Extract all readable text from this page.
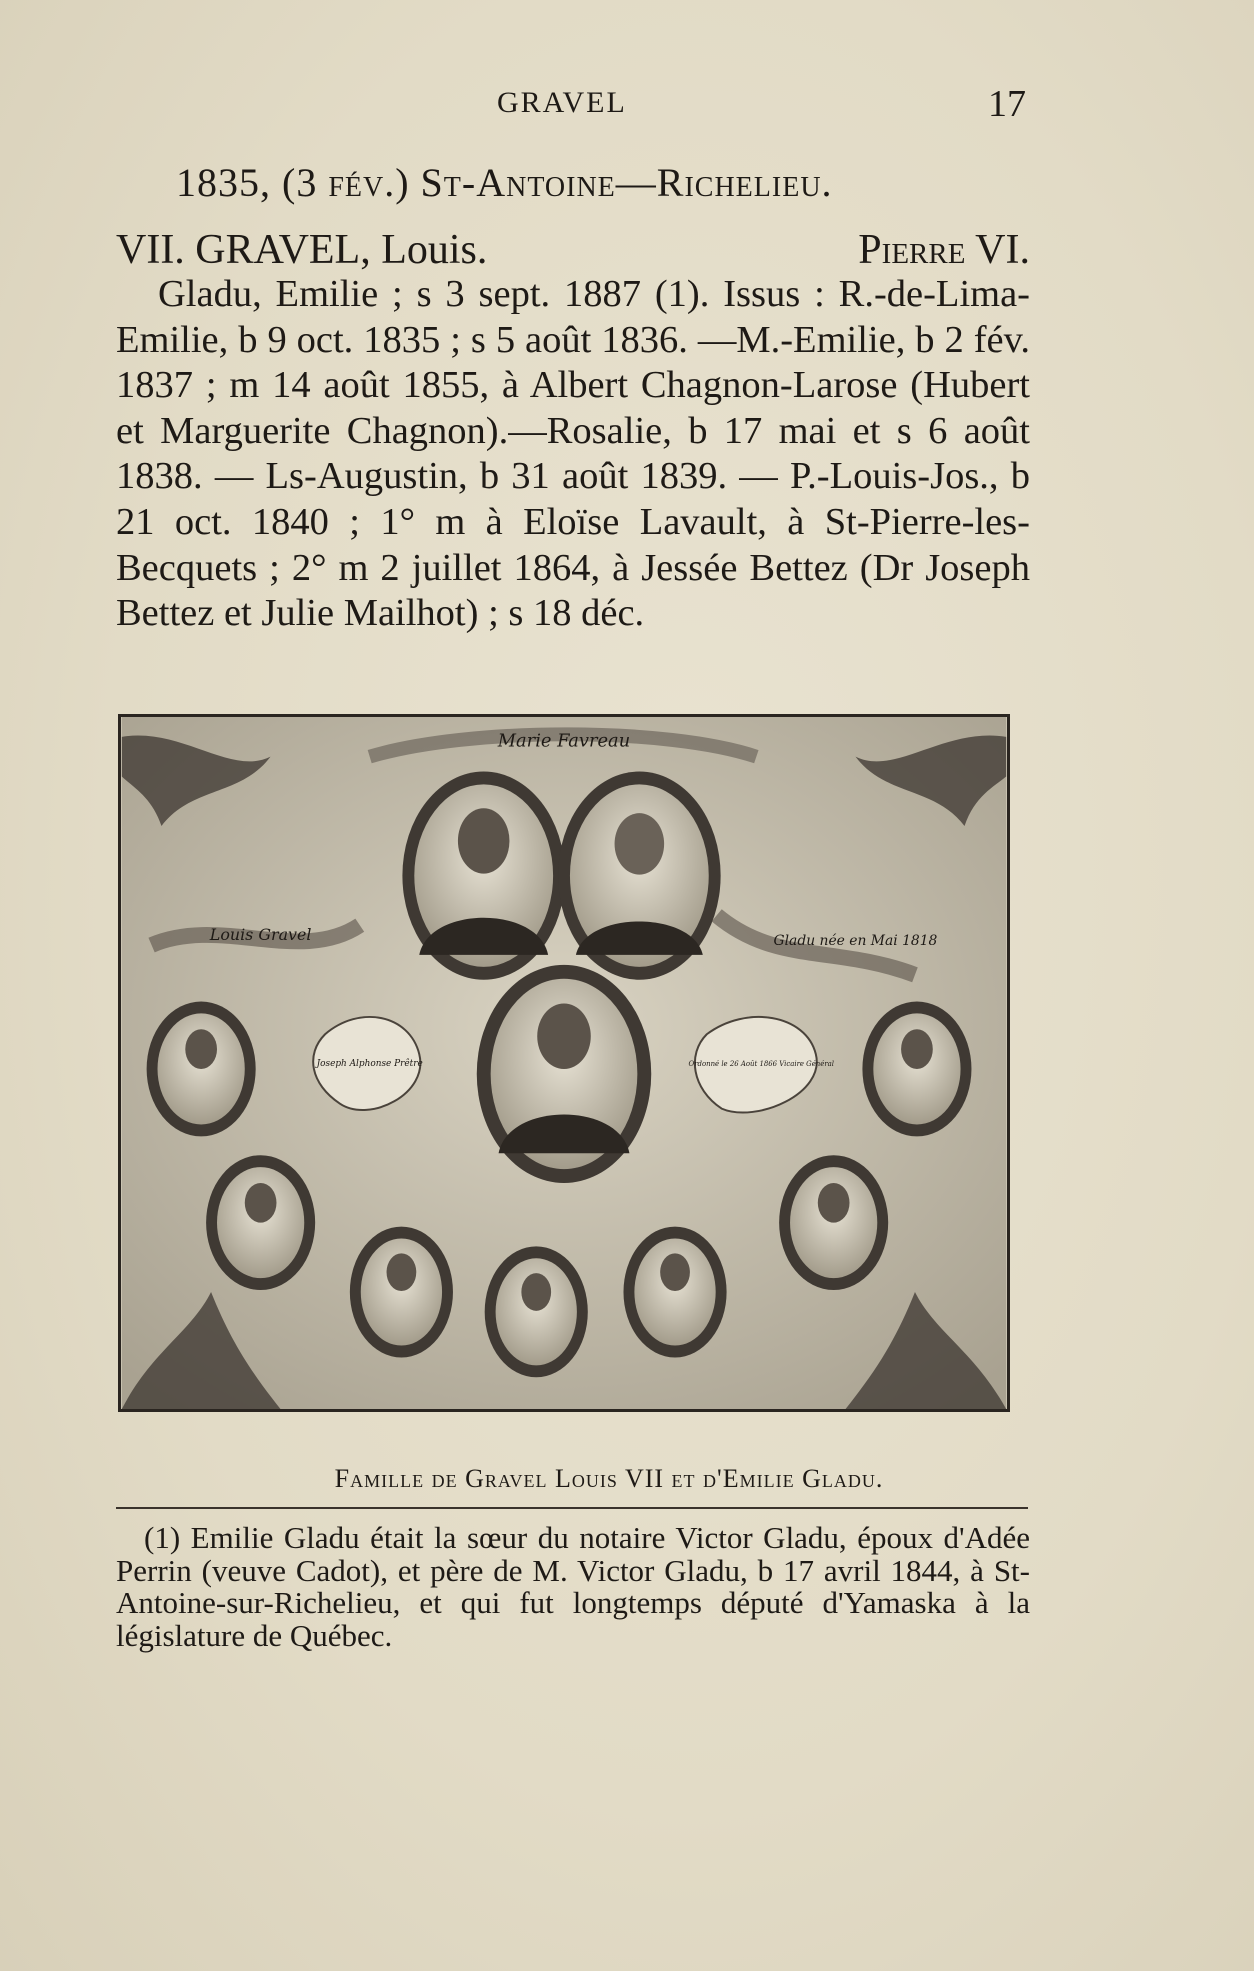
GRAVEL	17
1835, (3 fév.) St-Antoine—Richelieu.
VII. GRAVEL, Louis.	Pierre VI.

Gladu, Emilie ; s 3 sept. 1887 (1). Issus : R.-de-Lima-Emilie, b 9 oct. 1835 ; s 5 août 1836. —M.-Emilie, b 2 fév. 1837 ; m 14 août 1855, à Albert Chagnon-Larose (Hubert et Marguerite Chagnon).—Rosalie, b 17 mai et s 6 août 1838. — Ls-Augustin, b 31 août 1839. — P.-Louis-Jos., b 21 oct. 1840 ; 1° m à Eloïse Lavault, à St-Pierre-les-Becquets ; 2° m 2 juillet 1864, à Jessée Bettez (Dr Joseph Bettez et Julie Mailhot) ; s 18 déc.

Marie Favreau
Louis Gravel	Gladu née en Mai 1818
Joseph Alphonse Prêtre	Ordonné le 26 Août 1866 Vicaire Général
Famille de Gravel Louis VII et d'Emilie Gladu.

(1) Emilie Gladu était la sœur du notaire Victor Gladu, époux d'Adée Perrin (veuve Cadot), et père de M. Victor Gladu, b 17 avril 1844, à St-Antoine-sur-Richelieu, et qui fut longtemps député d'Yamaska à la législature de Québec.
